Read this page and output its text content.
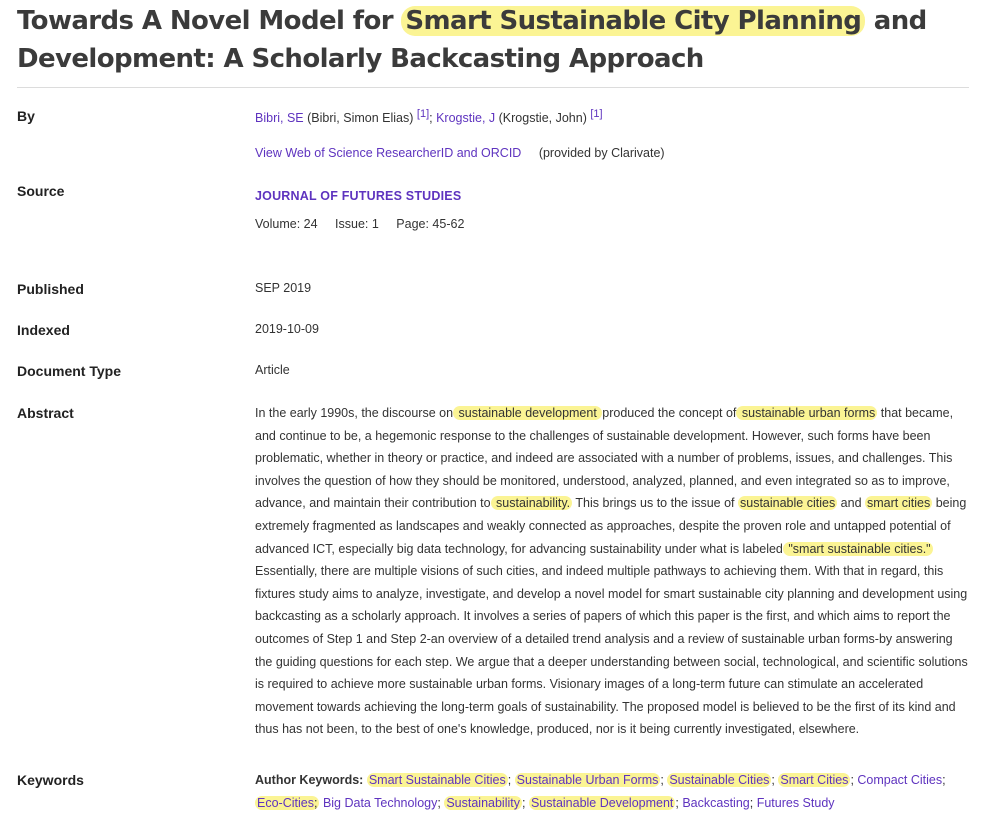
Towards A Novel Model for Smart Sustainable City Planning and Development: A Scholarly Backcasting Approach
By	Bibri, SE (Bibri, Simon Elias) [1]; Krogstie, J (Krogstie, John) [1]
View Web of Science ResearcherID and ORCID (provided by Clarivate)
Source	JOURNAL OF FUTURES STUDIES
Volume: 24 Issue: 1 Page: 45-62
Published	SEP 2019
Indexed	2019-10-09
Document Type	Article
Abstract	In the early 1990s, the discourse on sustainable development produced the concept of sustainable urban forms that became, and continue to be, a hegemonic response to the challenges of sustainable development. However, such forms have been problematic, whether in theory or practice, and indeed are associated with a number of problems, issues, and challenges. This involves the question of how they should be monitored, understood, analyzed, planned, and even integrated so as to improve, advance, and maintain their contribution to sustainability. This brings us to the issue of sustainable cities and smart cities being extremely fragmented as landscapes and weakly connected as approaches, despite the proven role and untapped potential of advanced ICT, especially big data technology, for advancing sustainability under what is labeled "smart sustainable cities." Essentially, there are multiple visions of such cities, and indeed multiple pathways to achieving them. With that in regard, this fixtures study aims to analyze, investigate, and develop a novel model for smart sustainable city planning and development using backcasting as a scholarly approach. It involves a series of papers of which this paper is the first, and which aims to report the outcomes of Step 1 and Step 2-an overview of a detailed trend analysis and a review of sustainable urban forms-by answering the guiding questions for each step. We argue that a deeper understanding between social, technological, and scientific solutions is required to achieve more sustainable urban forms. Visionary images of a long-term future can stimulate an accelerated movement towards achieving the long-term goals of sustainability. The proposed model is believed to be the first of its kind and thus has not been, to the best of one's knowledge, produced, nor is it being currently investigated, elsewhere.
Keywords	Author Keywords: Smart Sustainable Cities ; Sustainable Urban Forms ; Sustainable Cities ; Smart Cities ; Compact Cities; Eco-Cities; Big Data Technology; Sustainability ; Sustainable Development ; Backcasting; Futures Study
